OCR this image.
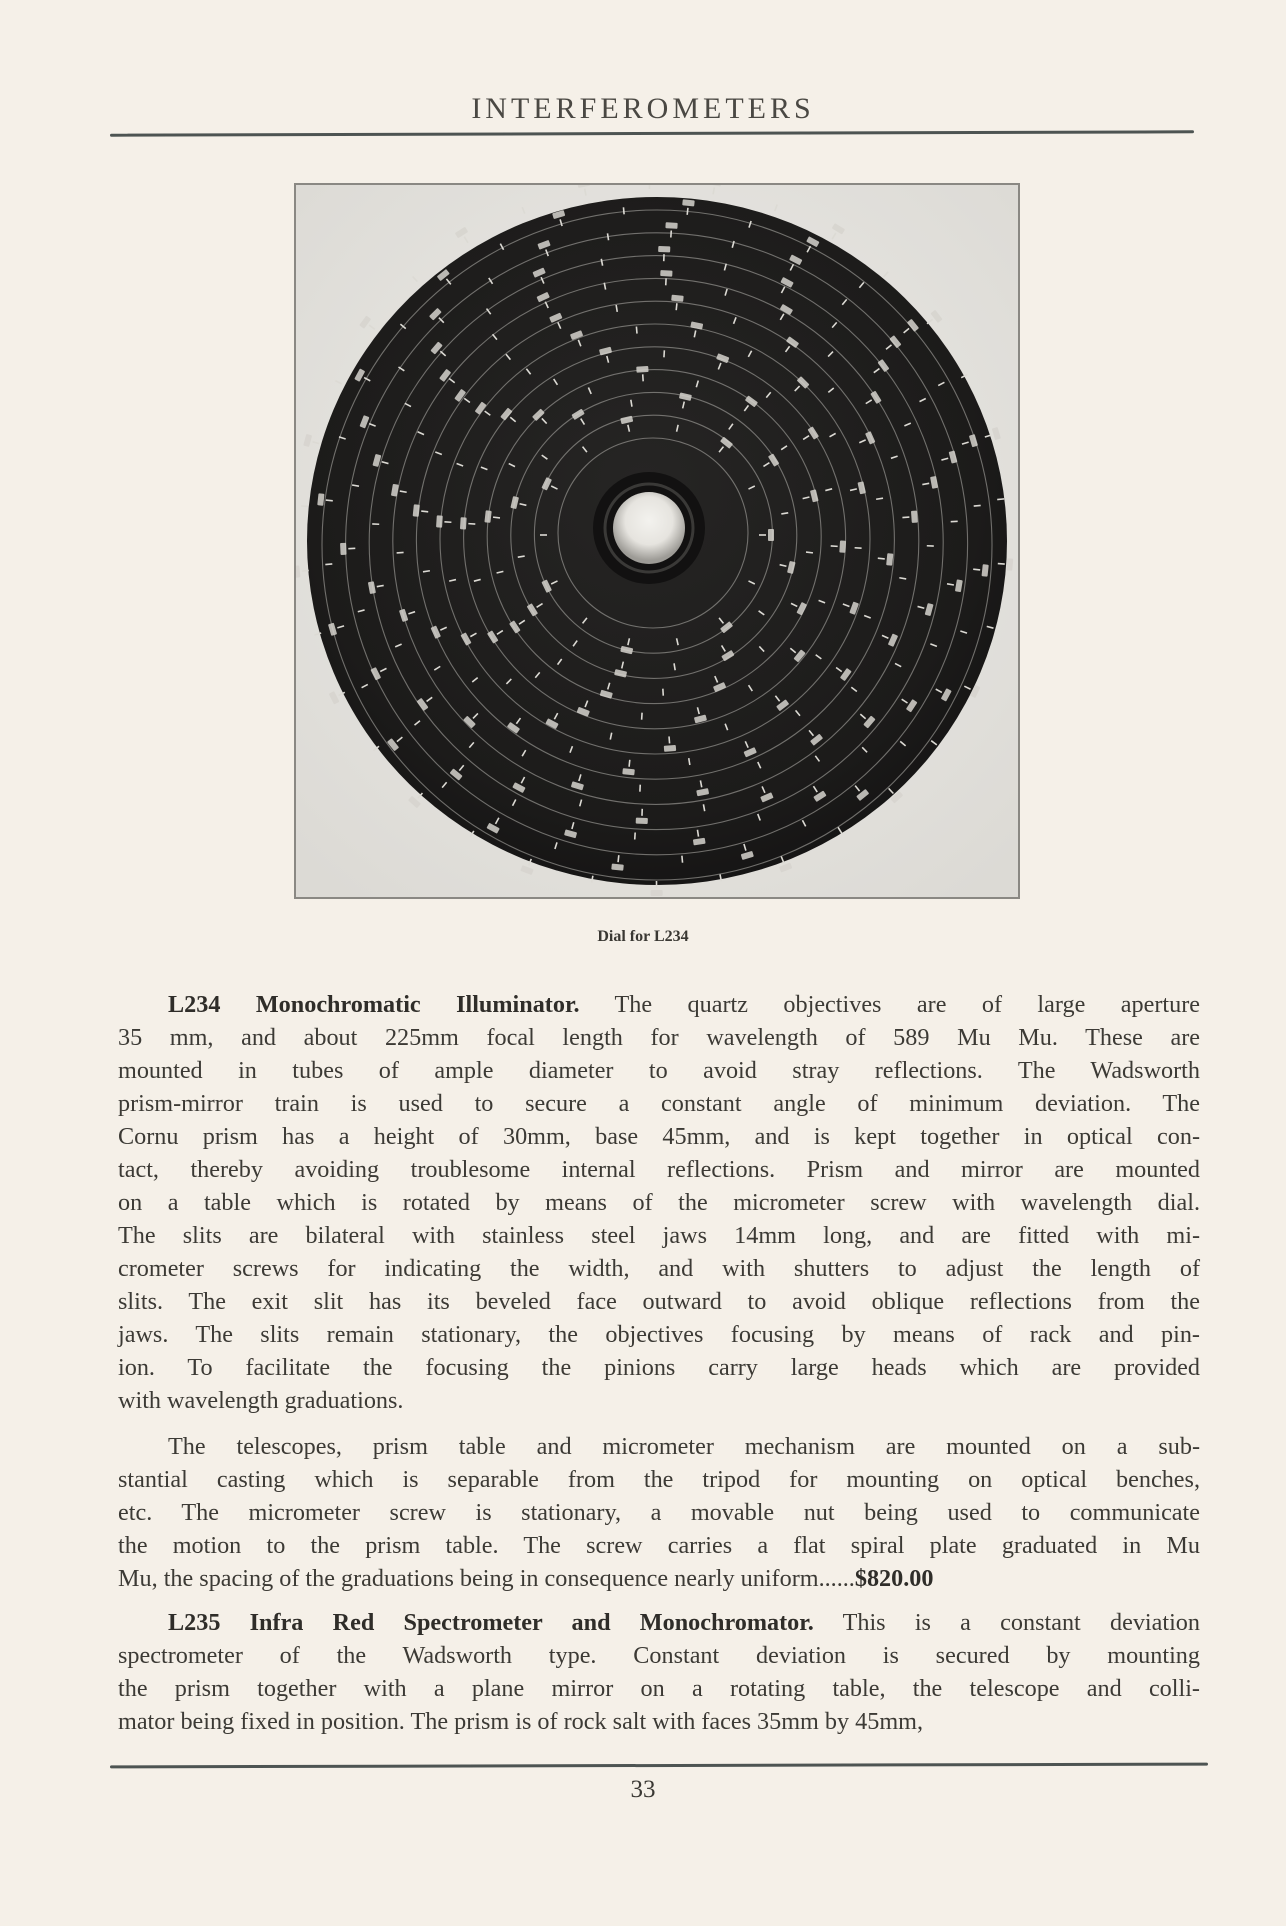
INTERFEROMETERS
Dial for L234
L234 Monochromatic Illuminator. The quartz objectives are of large aperture
35 mm, and about 225mm focal length for wavelength of 589 Mu Mu. These are
mounted in tubes of ample diameter to avoid stray reflections. The Wadsworth
prism-mirror train is used to secure a constant angle of minimum deviation. The
Cornu prism has a height of 30mm, base 45mm, and is kept together in optical con-
tact, thereby avoiding troublesome internal reflections. Prism and mirror are mounted
on a table which is rotated by means of the micrometer screw with wavelength dial.
The slits are bilateral with stainless steel jaws 14mm long, and are fitted with mi-
crometer screws for indicating the width, and with shutters to adjust the length of
slits. The exit slit has its beveled face outward to avoid oblique reflections from the
jaws. The slits remain stationary, the objectives focusing by means of rack and pin-
ion. To facilitate the focusing the pinions carry large heads which are provided
with wavelength graduations.
The telescopes, prism table and micrometer mechanism are mounted on a sub-
stantial casting which is separable from the tripod for mounting on optical benches,
etc. The micrometer screw is stationary, a movable nut being used to communicate
the motion to the prism table. The screw carries a flat spiral plate graduated in Mu
Mu, the spacing of the graduations being in consequence nearly uniform......$820.00
L235 Infra Red Spectrometer and Monochromator. This is a constant deviation
spectrometer of the Wadsworth type. Constant deviation is secured by mounting
the prism together with a plane mirror on a rotating table, the telescope and colli-
mator being fixed in position. The prism is of rock salt with faces 35mm by 45mm,
33
